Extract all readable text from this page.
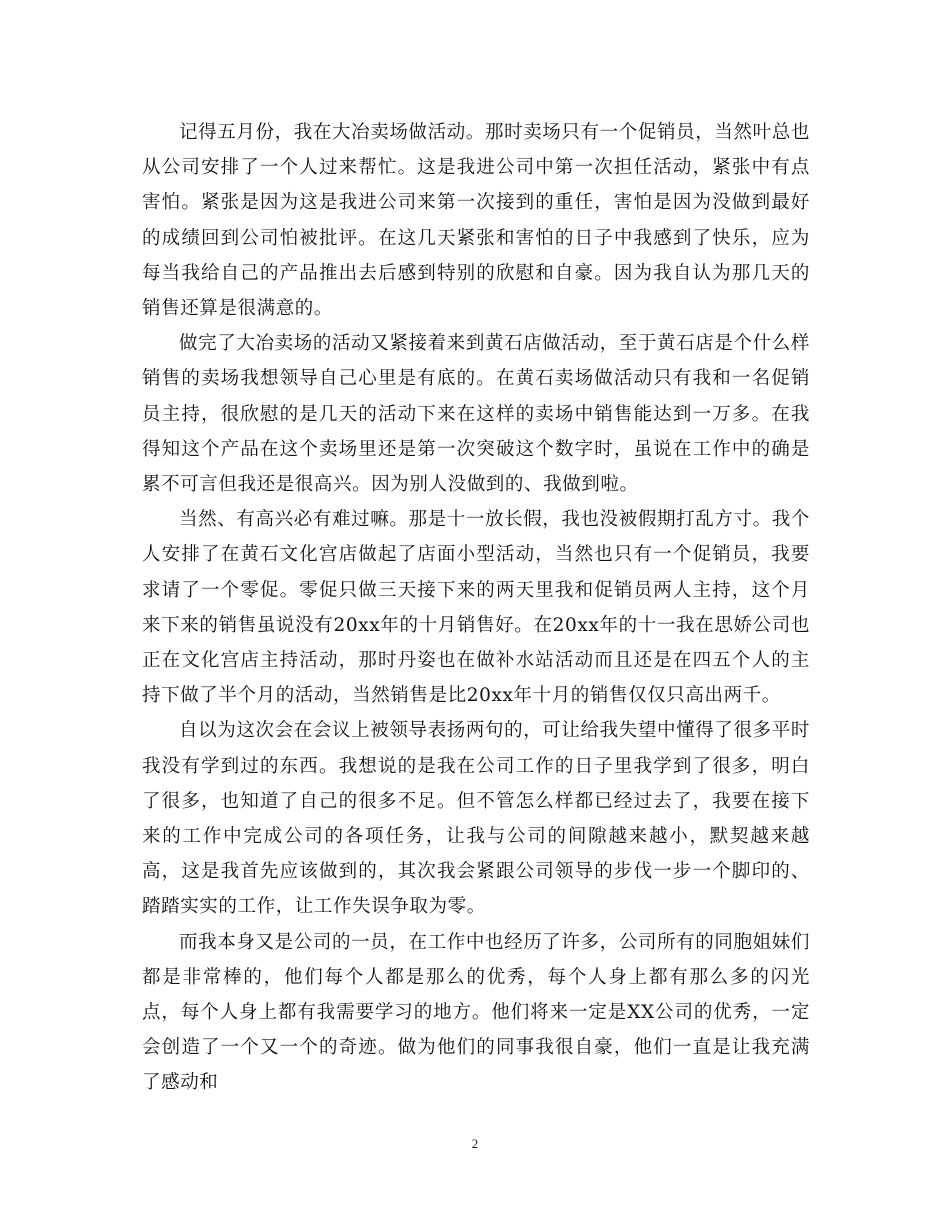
记得五月份，我在大冶卖场做活动。那时卖场只有一个促销员，当然叶总也从公司安排了一个人过来帮忙。这是我进公司中第一次担任活动，紧张中有点害怕。紧张是因为这是我进公司来第一次接到的重任，害怕是因为没做到最好的成绩回到公司怕被批评。在这几天紧张和害怕的日子中我感到了快乐，应为每当我给自己的产品推出去后感到特别的欣慰和自豪。因为我自认为那几天的销售还算是很满意的。

做完了大冶卖场的活动又紧接着来到黄石店做活动，至于黄石店是个什么样销售的卖场我想领导自己心里是有底的。在黄石卖场做活动只有我和一名促销员主持，很欣慰的是几天的活动下来在这样的卖场中销售能达到一万多。在我得知这个产品在这个卖场里还是第一次突破这个数字时，虽说在工作中的确是累不可言但我还是很高兴。因为别人没做到的、我做到啦。

当然、有高兴必有难过嘛。那是十一放长假，我也没被假期打乱方寸。我个人安排了在黄石文化宫店做起了店面小型活动，当然也只有一个促销员，我要求请了一个零促。零促只做三天接下来的两天里我和促销员两人主持，这个月来下来的销售虽说没有20xx年的十月销售好。在20xx年的十一我在思娇公司也正在文化宫店主持活动，那时丹姿也在做补水站活动而且还是在四五个人的主持下做了半个月的活动，当然销售是比20xx年十月的销售仅仅只高出两千。

自以为这次会在会议上被领导表扬两句的，可让给我失望中懂得了很多平时我没有学到过的东西。我想说的是我在公司工作的日子里我学到了很多，明白了很多，也知道了自己的很多不足。但不管怎么样都已经过去了，我要在接下来的工作中完成公司的各项任务，让我与公司的间隙越来越小，默契越来越高，这是我首先应该做到的，其次我会紧跟公司领导的步伐一步一个脚印的、踏踏实实的工作，让工作失误争取为零。

而我本身又是公司的一员，在工作中也经历了许多，公司所有的同胞姐妹们都是非常棒的，他们每个人都是那么的优秀，每个人身上都有那么多的闪光点，每个人身上都有我需要学习的地方。他们将来一定是XX公司的优秀，一定会创造了一个又一个的奇迹。做为他们的同事我很自豪，他们一直是让我充满了感动和

2
